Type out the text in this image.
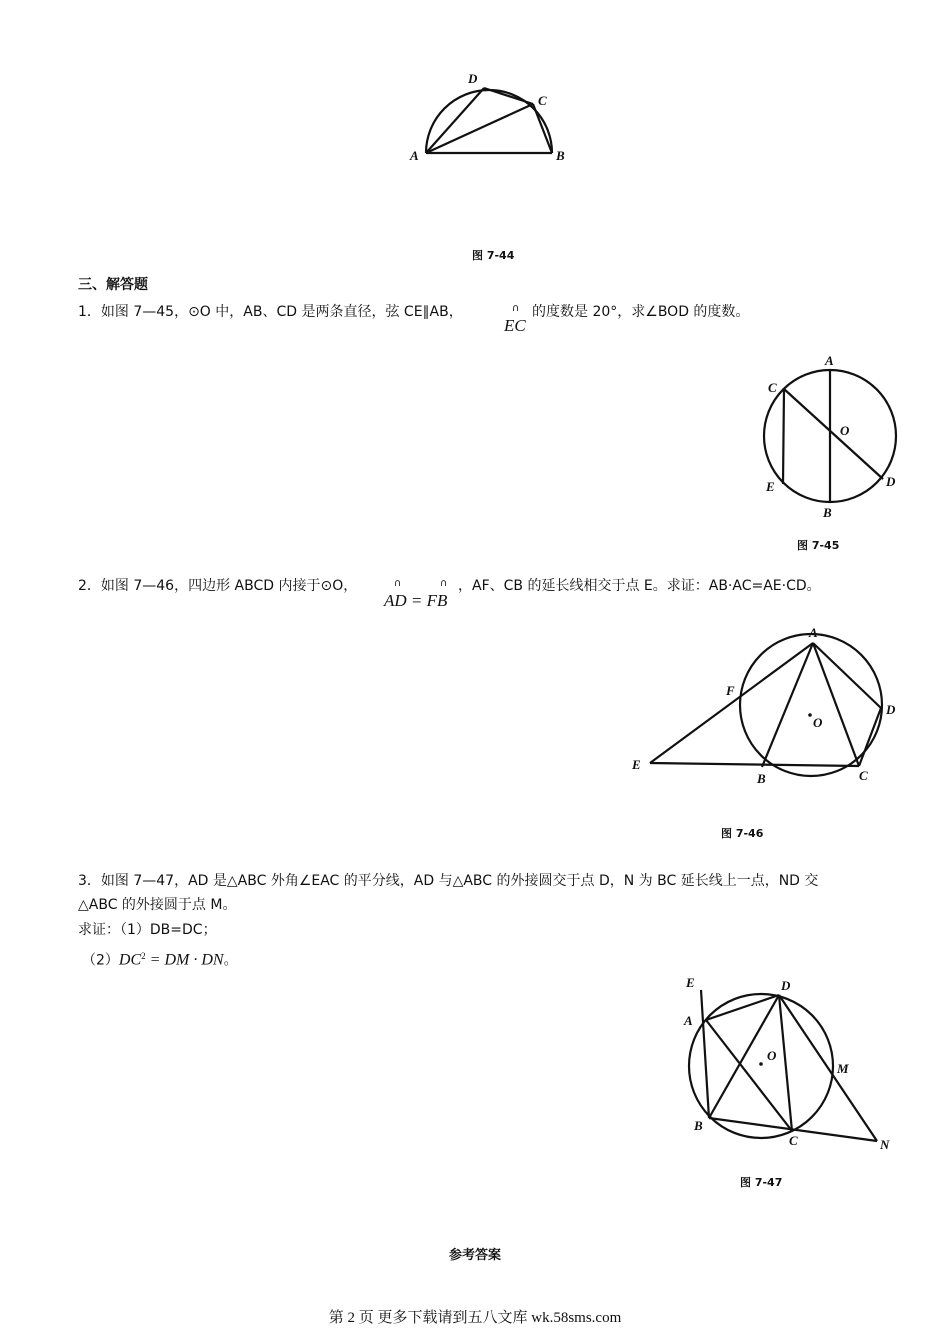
D
C
A	B
A
C
O
E	D
B
A
F
D
O
E
B	C
E	D
A
O
M
B
C	N
图 7-44
三、解答题
1．如图 7—45，⊙O 中，AB、CD 是两条直径，弦 CE∥AB，	∩
EC
的度数是 20°，求∠BOD 的度数。
图 7-45
2．如图 7—46，四边形 ABCD 内接于⊙O，	∩	∩
AD = FB
，AF、CB 的延长线相交于点 E。求证：AB·AC=AE·CD。
图 7-46
3．如图 7—47，AD 是△ABC 外角∠EAC 的平分线，AD 与△ABC 的外接圆交于点 D，N 为 BC 延长线上一点，ND 交
△ABC 的外接圆于点 M。
求证：（1）DB=DC；
$(2)DC^2$ = DM · DN。
图 7-47
参考答案
第 2 页 更多下载请到五八文库 wk.58sms.com
